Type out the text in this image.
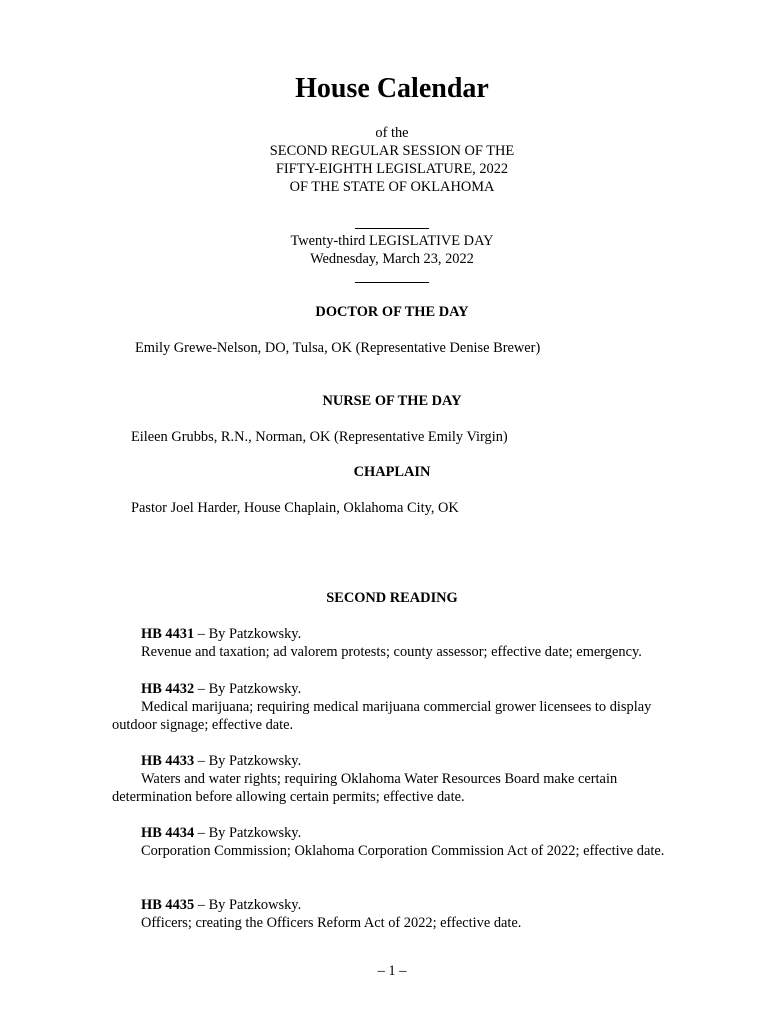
House Calendar
of the
SECOND REGULAR SESSION OF THE
FIFTY-EIGHTH LEGISLATURE, 2022
OF THE STATE OF OKLAHOMA
Twenty-third LEGISLATIVE DAY
Wednesday, March 23, 2022
DOCTOR OF THE DAY
Emily Grewe-Nelson, DO, Tulsa, OK (Representative Denise Brewer)
NURSE OF THE DAY
Eileen Grubbs, R.N., Norman, OK (Representative Emily Virgin)
CHAPLAIN
Pastor Joel Harder, House Chaplain, Oklahoma City, OK
SECOND READING
HB 4431 – By Patzkowsky.
Revenue and taxation; ad valorem protests; county assessor; effective date; emergency.
HB 4432 – By Patzkowsky.
Medical marijuana; requiring medical marijuana commercial grower licensees to display outdoor signage; effective date.
HB 4433 – By Patzkowsky.
Waters and water rights; requiring Oklahoma Water Resources Board make certain determination before allowing certain permits; effective date.
HB 4434 – By Patzkowsky.
Corporation Commission; Oklahoma Corporation Commission Act of 2022; effective date.
HB 4435 – By Patzkowsky.
Officers; creating the Officers Reform Act of 2022; effective date.
– 1 –
